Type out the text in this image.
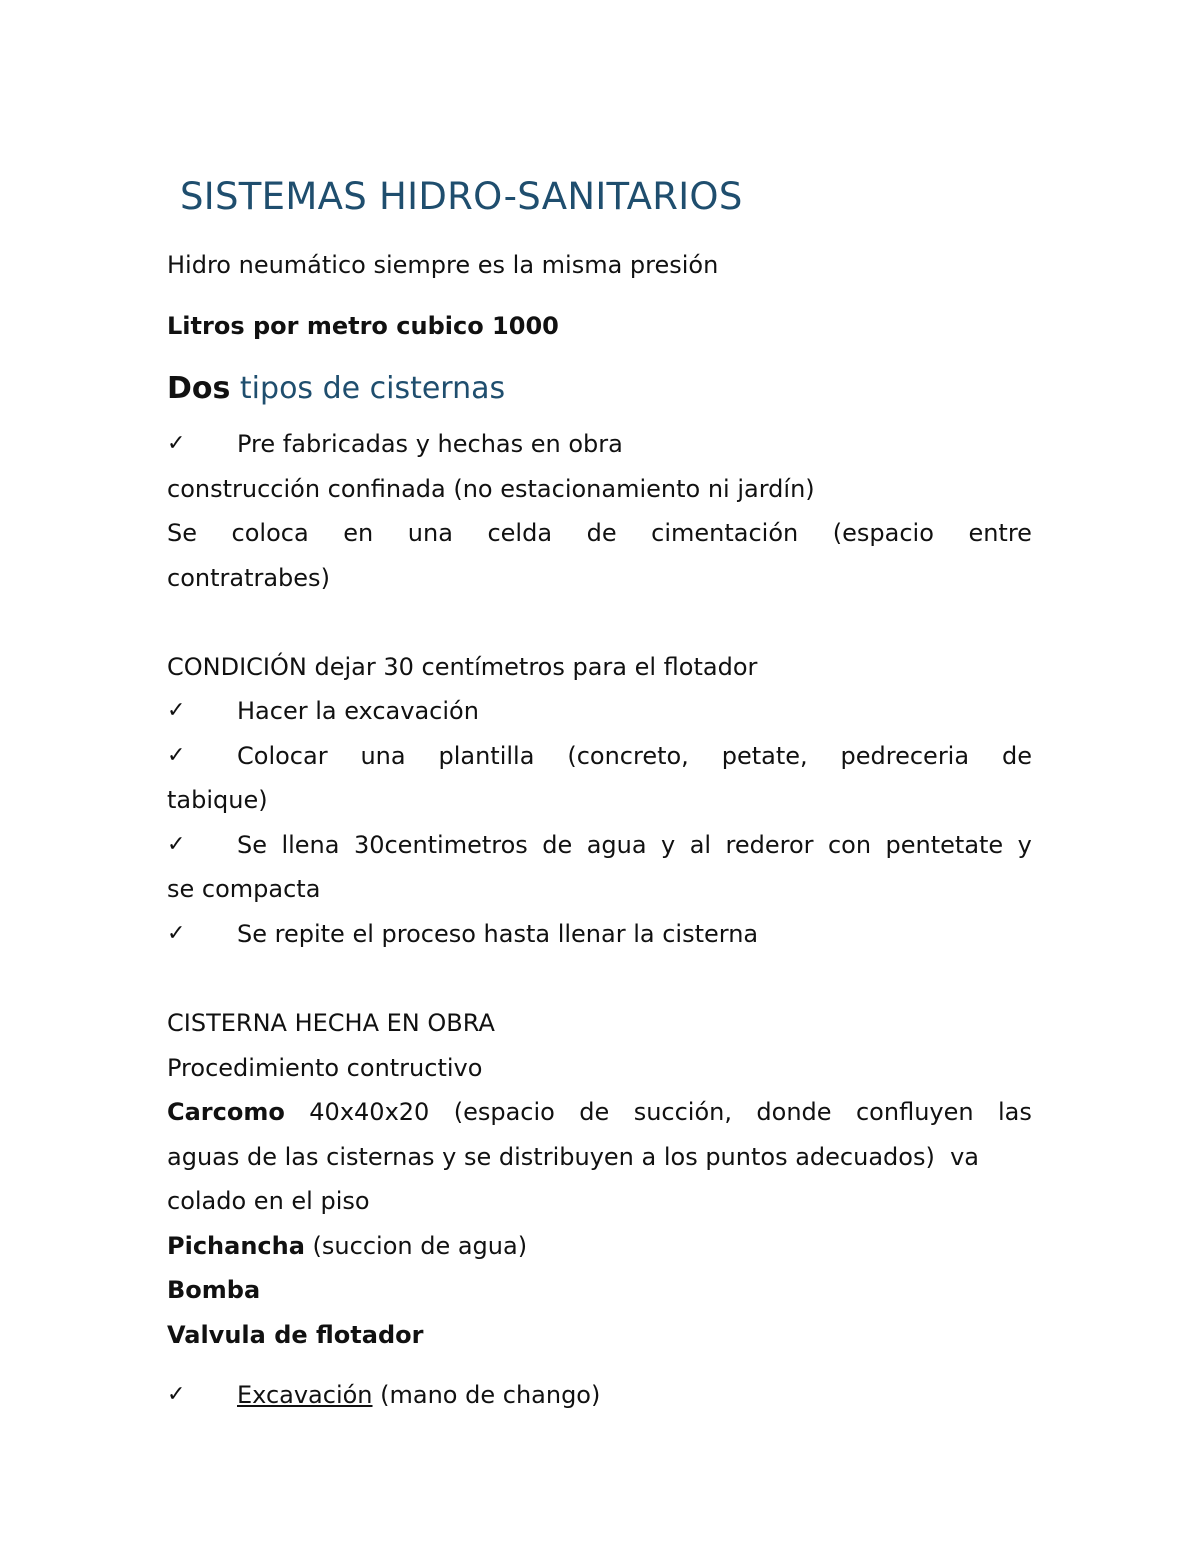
SISTEMAS HIDRO-SANITARIOS
Hidro neumático siempre es la misma presión
Litros por metro cubico 1000
Dos tipos de cisternas
✓ Pre fabricadas y hechas en obra
construcción confinada (no estacionamiento ni jardín)
Se coloca en una celda de cimentación (espacio entre
contratrabes)
CONDICIÓN dejar 30 centímetros para el flotador
✓ Hacer la excavación
✓ Colocar una plantilla (concreto, petate, pedreceria de
tabique)
✓ Se llena 30centimetros de agua y al rederor con pentetate y
se compacta
✓ Se repite el proceso hasta llenar la cisterna
CISTERNA HECHA EN OBRA
Procedimiento contructivo
Carcomo 40x40x20 (espacio de succión, donde confluyen las
aguas de las cisternas y se distribuyen a los puntos adecuados)  va
colado en el piso
Pichancha (succion de agua)
Bomba
Valvula de flotador
✓ Excavación (mano de chango)
